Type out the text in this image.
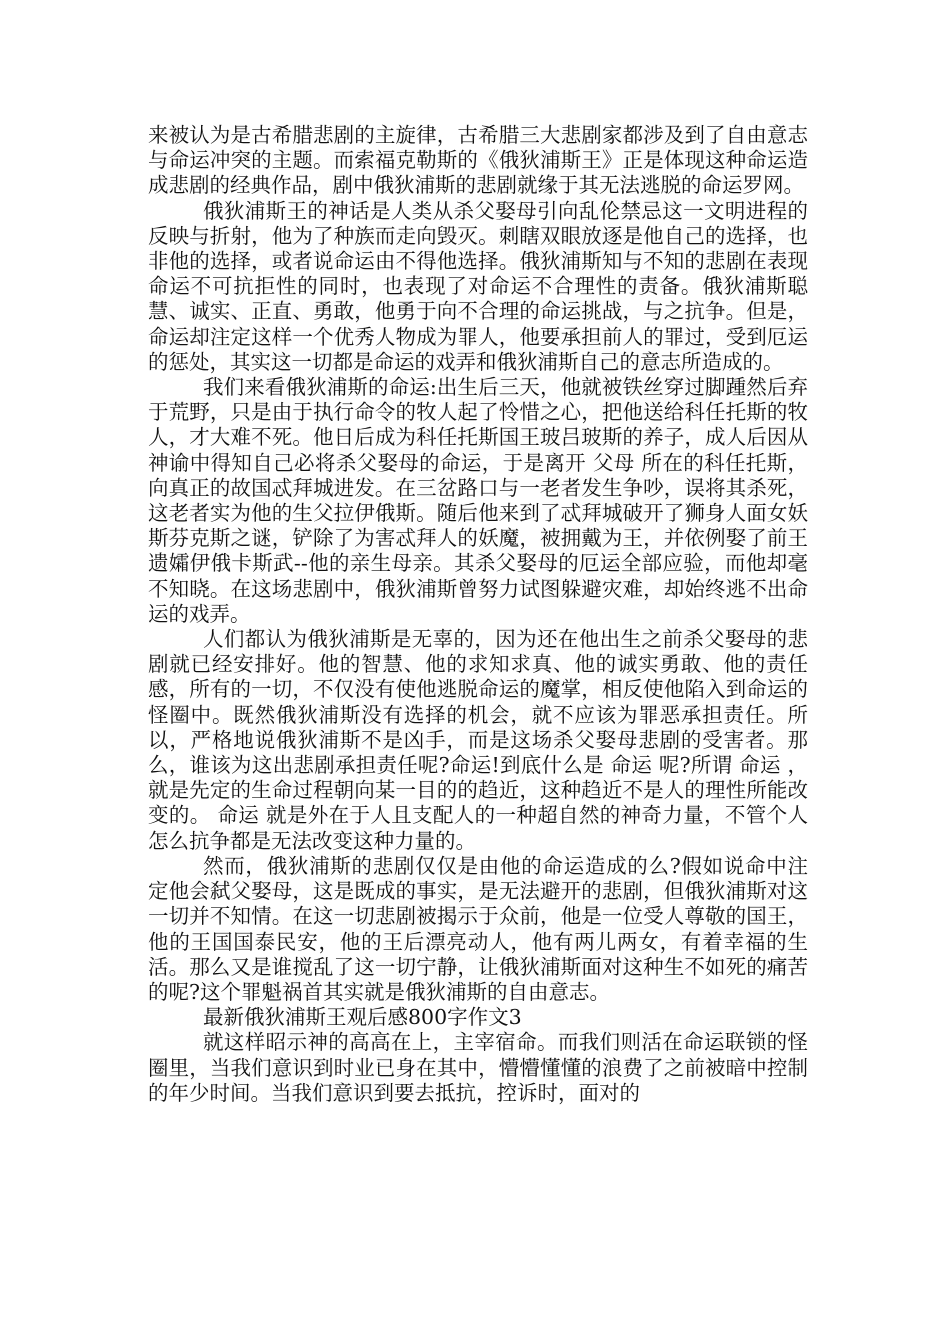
来被认为是古希腊悲剧的主旋律，古希腊三大悲剧家都涉及到了自由意志与命运冲突的主题。而索福克勒斯的《俄狄浦斯王》正是体现这种命运造成悲剧的经典作品，剧中俄狄浦斯的悲剧就缘于其无法逃脱的命运罗网。

俄狄浦斯王的神话是人类从杀父娶母引向乱伦禁忌这一文明进程的反映与折射，他为了种族而走向毁灭。刺瞎双眼放逐是他自己的选择，也非他的选择，或者说命运由不得他选择。俄狄浦斯知与不知的悲剧在表现命运不可抗拒性的同时，也表现了对命运不合理性的责备。俄狄浦斯聪慧、诚实、正直、勇敢，他勇于向不合理的命运挑战，与之抗争。但是，命运却注定这样一个优秀人物成为罪人，他要承担前人的罪过，受到厄运的惩处，其实这一切都是命运的戏弄和俄狄浦斯自己的意志所造成的。

我们来看俄狄浦斯的命运:出生后三天，他就被铁丝穿过脚踵然后弃于荒野，只是由于执行命令的牧人起了怜惜之心，把他送给科任托斯的牧人，才大难不死。他日后成为科任托斯国王玻吕玻斯的养子，成人后因从神谕中得知自己必将杀父娶母的命运，于是离开 父母 所在的科任托斯，向真正的故国忒拜城进发。在三岔路口与一老者发生争吵，误将其杀死，这老者实为他的生父拉伊俄斯。随后他来到了忒拜城破开了狮身人面女妖斯芬克斯之谜，铲除了为害忒拜人的妖魔，被拥戴为王，并依例娶了前王遗孀伊俄卡斯武--他的亲生母亲。其杀父娶母的厄运全部应验，而他却毫不知晓。在这场悲剧中，俄狄浦斯曾努力试图躲避灾难，却始终逃不出命运的戏弄。

人们都认为俄狄浦斯是无辜的，因为还在他出生之前杀父娶母的悲剧就已经安排好。他的智慧、他的求知求真、他的诚实勇敢、他的责任感，所有的一切，不仅没有使他逃脱命运的魔掌，相反使他陷入到命运的怪圈中。既然俄狄浦斯没有选择的机会，就不应该为罪恶承担责任。所以，严格地说俄狄浦斯不是凶手，而是这场杀父娶母悲剧的受害者。那么，谁该为这出悲剧承担责任呢?命运!到底什么是 命运 呢?所谓 命运 ，就是先定的生命过程朝向某一目的的趋近，这种趋近不是人的理性所能改变的。 命运 就是外在于人且支配人的一种超自然的神奇力量，不管个人怎么抗争都是无法改变这种力量的。

然而，俄狄浦斯的悲剧仅仅是由他的命运造成的么?假如说命中注定他会弑父娶母，这是既成的事实，是无法避开的悲剧，但俄狄浦斯对这一切并不知情。在这一切悲剧被揭示于众前，他是一位受人尊敬的国王，他的王国国泰民安，他的王后漂亮动人，他有两儿两女，有着幸福的生活。那么又是谁搅乱了这一切宁静，让俄狄浦斯面对这种生不如死的痛苦的呢?这个罪魁祸首其实就是俄狄浦斯的自由意志。

最新俄狄浦斯王观后感800字作文3

就这样昭示神的高高在上，主宰宿命。而我们则活在命运联锁的怪圈里，当我们意识到时业已身在其中，懵懵懂懂的浪费了之前被暗中控制的年少时间。当我们意识到要去抵抗，控诉时，面对的
